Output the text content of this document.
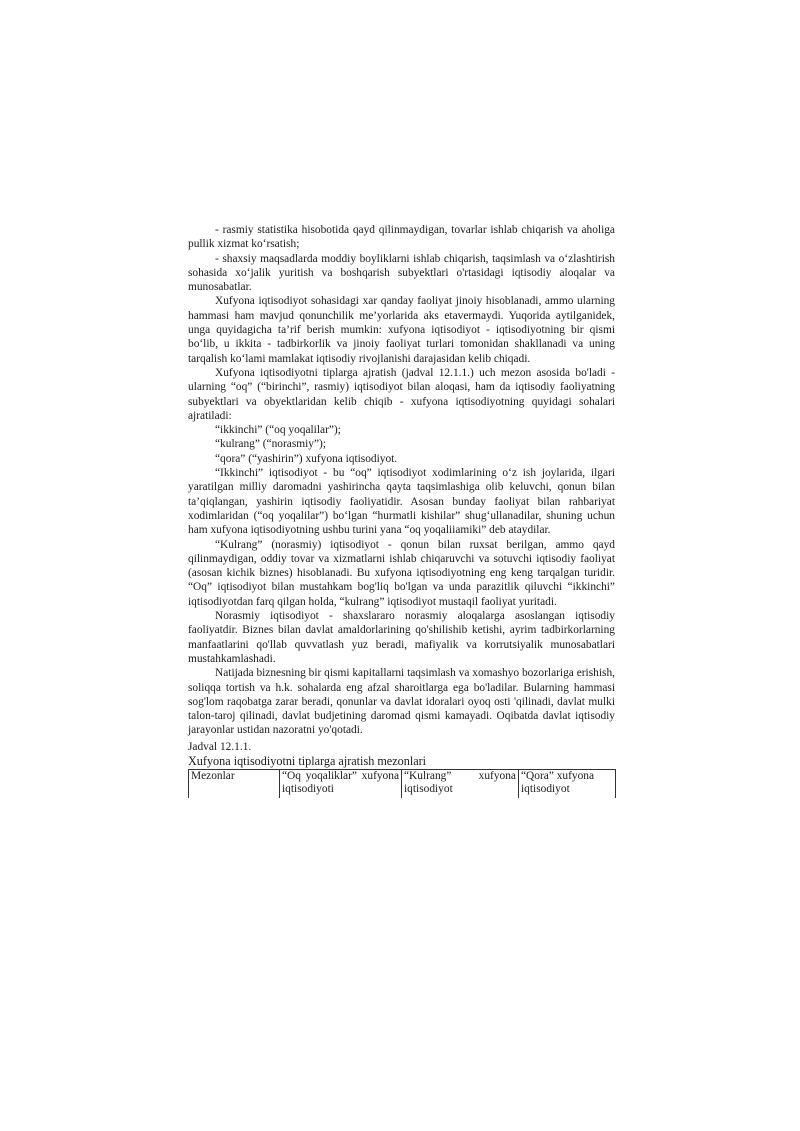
- rasmiy statistika hisobotida qayd qilinmaydigan, tovarlar ishlab chiqarish va aholiga pullik xizmat ko‘rsatish;

- shaxsiy maqsadlarda moddiy boyliklarni ishlab chiqarish, taqsimlash va o‘zlashtirish sohasida xo‘jalik yuritish va boshqarish subyektlari o'rtasidagi iqtisodiy aloqalar va munosabatlar.

Xufyona iqtisodiyot sohasidagi xar qanday faoliyat jinoiy hisoblanadi, ammo ularning hammasi ham mavjud qonunchilik me’yorlarida aks etavermaydi. Yuqorida aytilganidek, unga quyidagicha ta’rif berish mumkin: xufyona iqtisodiyot - iqtisodiyotning bir qismi bo‘lib, u ikkita - tadbirkorlik va jinoiy faoliyat turlari tomonidan shakllanadi va uning tarqalish ko‘lami mamlakat iqtisodiy rivojlanishi darajasidan kelib chiqadi.

Xufyona iqtisodiyotni tiplarga ajratish (jadval 12.1.1.) uch mezon asosida bo'ladi - ularning “oq” (“birinchi”, rasmiy) iqtisodiyot bilan aloqasi, ham da iqtisodiy faoliyatning subyektlari va obyektlaridan kelib chiqib - xufyona iqtisodiyotning quyidagi sohalari ajratiladi:

“ikkinchi” (“oq yoqalilar”);

“kulrang” (“norasmiy”);

“qora” (“yashirin”) xufyona iqtisodiyot.

“Ikkinchi” iqtisodiyot - bu “oq” iqtisodiyot xodimlarining o‘z ish joylarida, ilgari yaratilgan milliy daromadni yashirincha qayta taqsimlashiga olib keluvchi, qonun bilan ta’qiqlangan, yashirin iqtisodiy faoliyatidir. Asosan bunday faoliyat bilan rahbariyat xodimlaridan (“oq yoqalilar”) bo‘lgan “hurmatli kishilar” shug‘ullanadilar, shuning uchun ham xufyona iqtisodiyotning ushbu turini yana “oq yoqaliiamiki” deb ataydilar.

“Kulrang” (norasmiy) iqtisodiyot - qonun bilan ruxsat berilgan, ammo qayd qilinmaydigan, oddiy tovar va xizmatlarni ishlab chiqaruvchi va sotuvchi iqtisodiy faoliyat (asosan kichik biznes) hisoblanadi. Bu xufyona iqtisodiyotning eng keng tarqalgan turidir. “Oq” iqtisodiyot bilan mustahkam bog'liq bo'lgan va unda parazitlik qiluvchi “ikkinchi” iqtisodiyotdan farq qilgan holda, “kulrang” iqtisodiyot mustaqil faoliyat yuritadi.

Norasmiy iqtisodiyot - shaxslararo norasmiy aloqalarga asoslangan iqtisodiy faoliyatdir. Biznes bilan davlat amaldorlarining qo'shilishib ketishi, ayrim tadbirkorlarning manfaatlarini qo'llab quvvatlash yuz beradi, mafiyalik va korrutsiyalik munosabatlari mustahkamlashadi.

Natijada biznesning bir qismi kapitallarni taqsimlash va xomashyo bozorlariga erishish, soliqqa tortish va h.k. sohalarda eng afzal sharoitlarga ega bo'ladilar. Bularning hammasi sog'lom raqobatga zarar beradi, qonunlar va davlat idoralari oyoq osti 'qilinadi, davlat mulki talon-taroj qilinadi, davlat budjetining daromad qismi kamayadi. Oqibatda davlat iqtisodiy jarayonlar ustidan nazoratni yo'qotadi.

Jadval 12.1.1.

Xufyona iqtisodiyotni tiplarga ajratish mezonlari

Mezonlar	“Oq yoqaliklar” xufyona iqtisodiyoti	“Kulrang” xufyona iqtisodiyot	“Qora” xufyona iqtisodiyot
